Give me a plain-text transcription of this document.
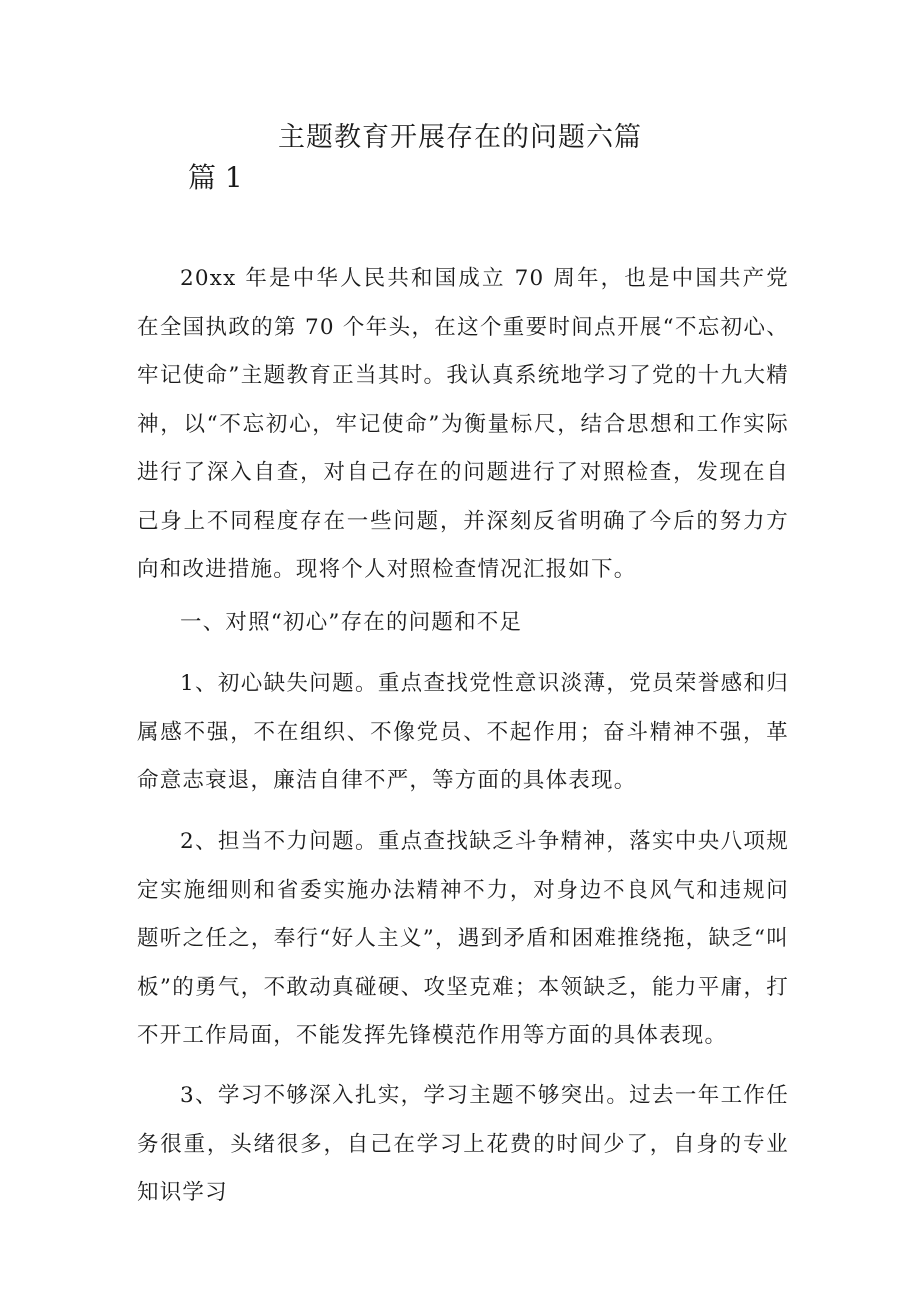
主题教育开展存在的问题六篇
篇 1

20xx 年是中华人民共和国成立 70 周年，也是中国共产党在全国执政的第 70 个年头，在这个重要时间点开展“不忘初心、牢记使命”主题教育正当其时。我认真系统地学习了党的十九大精神，以“不忘初心，牢记使命”为衡量标尺，结合思想和工作实际进行了深入自查，对自己存在的问题进行了对照检查，发现在自己身上不同程度存在一些问题，并深刻反省明确了今后的努力方向和改进措施。现将个人对照检查情况汇报如下。

一、对照“初心”存在的问题和不足

1、初心缺失问题。重点查找党性意识淡薄，党员荣誉感和归属感不强，不在组织、不像党员、不起作用；奋斗精神不强，革命意志衰退，廉洁自律不严，等方面的具体表现。

2、担当不力问题。重点查找缺乏斗争精神，落实中央八项规定实施细则和省委实施办法精神不力，对身边不良风气和违规问题听之任之，奉行“好人主义”，遇到矛盾和困难推绕拖，缺乏“叫板”的勇气，不敢动真碰硬、攻坚克难；本领缺乏，能力平庸，打不开工作局面，不能发挥先锋模范作用等方面的具体表现。

3、学习不够深入扎实，学习主题不够突出。过去一年工作任务很重，头绪很多，自己在学习上花费的时间少了，自身的专业知识学习
